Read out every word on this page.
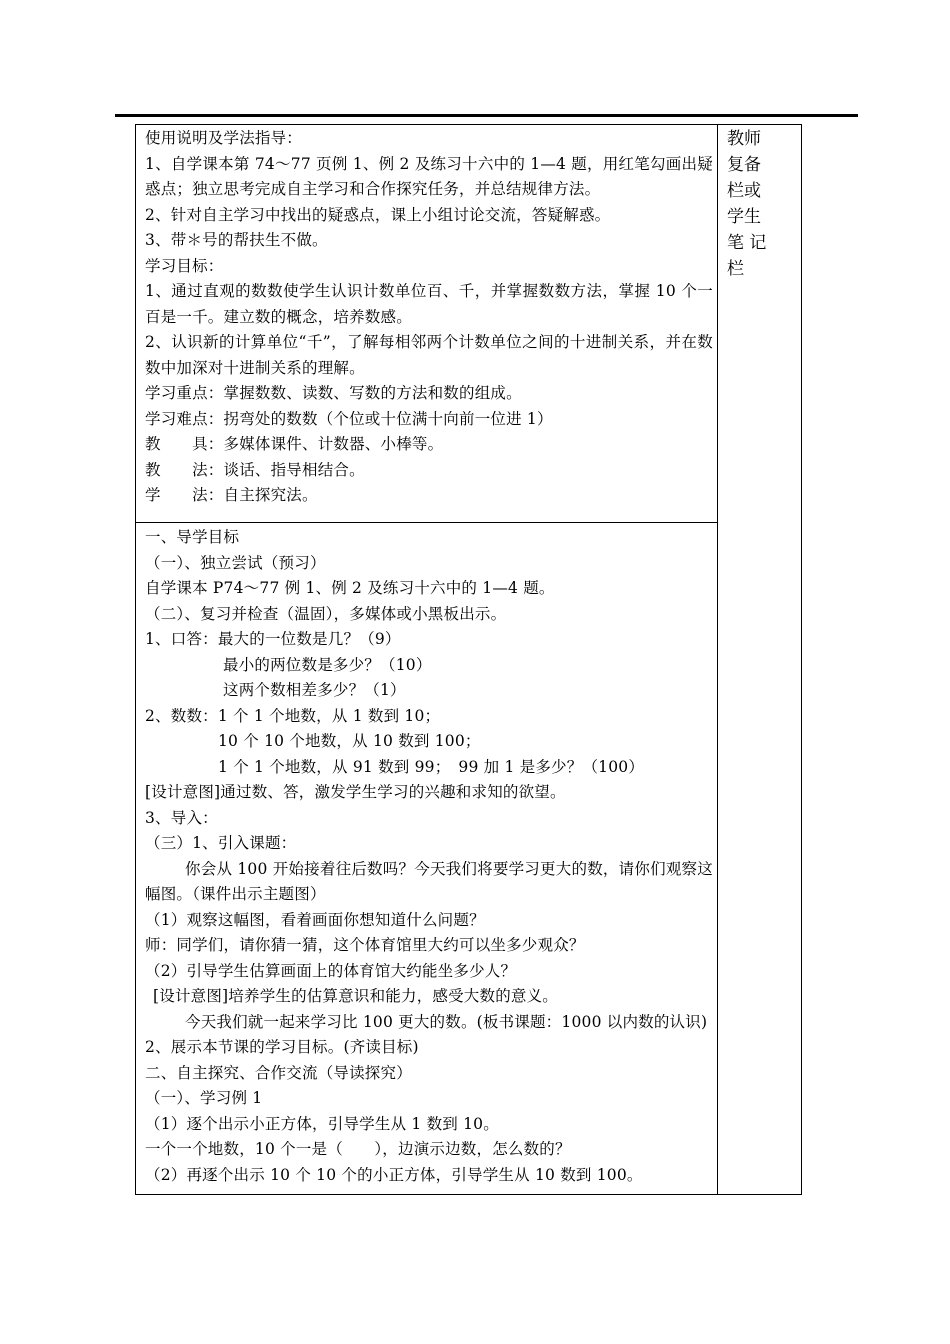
使用说明及学法指导：

1、自学课本第 74～77 页例 1、例 2 及练习十六中的 1—4 题，用红笔勾画出疑惑点；独立思考完成自主学习和合作探究任务，并总结规律方法。

2、针对自主学习中找出的疑惑点，课上小组讨论交流，答疑解惑。

3、带＊号的帮扶生不做。

学习目标：

1、通过直观的数数使学生认识计数单位百、千，并掌握数数方法，掌握 10 个一百是一千。建立数的概念，培养数感。

2、认识新的计算单位“千”，了解每相邻两个计数单位之间的十进制关系，并在数数中加深对十进制关系的理解。

学习重点：掌握数数、读数、写数的方法和数的组成。

学习难点：拐弯处的数数（个位或十位满十向前一位进 1）

教　　具：多媒体课件、计数器、小棒等。

教　　法：谈话、指导相结合。

学　　法：自主探究法。

教师

复备

栏或

学生

笔 记

栏

一、导学目标

（一）、独立尝试（预习）

自学课本 P74～77 例 1、例 2 及练习十六中的 1—4 题。

（二）、复习并检查（温固），多媒体或小黑板出示。

1、口答：最大的一位数是几？（9）

最小的两位数是多少？（10）

这两个数相差多少？（1）

2、数数：1 个 1 个地数，从 1 数到 10；

10 个 10 个地数，从 10 数到 100；

1 个 1 个地数，从 91 数到 99；　99 加 1 是多少？（100）

[设计意图]通过数、答，激发学生学习的兴趣和求知的欲望。

3、导入：

（三）1、引入课题：

你会从 100 开始接着往后数吗？今天我们将要学习更大的数，请你们观察这幅图。（课件出示主题图）

（1）观察这幅图，看着画面你想知道什么问题？

师：同学们，请你猜一猜，这个体育馆里大约可以坐多少观众？

（2）引导学生估算画面上的体育馆大约能坐多少人？

[设计意图]培养学生的估算意识和能力，感受大数的意义。

今天我们就一起来学习比 100 更大的数。(板书课题：1000 以内数的认识)

2、展示本节课的学习目标。(齐读目标)

二、自主探究、合作交流（导读探究）

（一）、学习例 1

（1）逐个出示小正方体，引导学生从 1 数到 10。

一个一个地数，10 个一是（　　），边演示边数，怎么数的？

（2）再逐个出示 10 个 10 个的小正方体，引导学生从 10 数到 100。
